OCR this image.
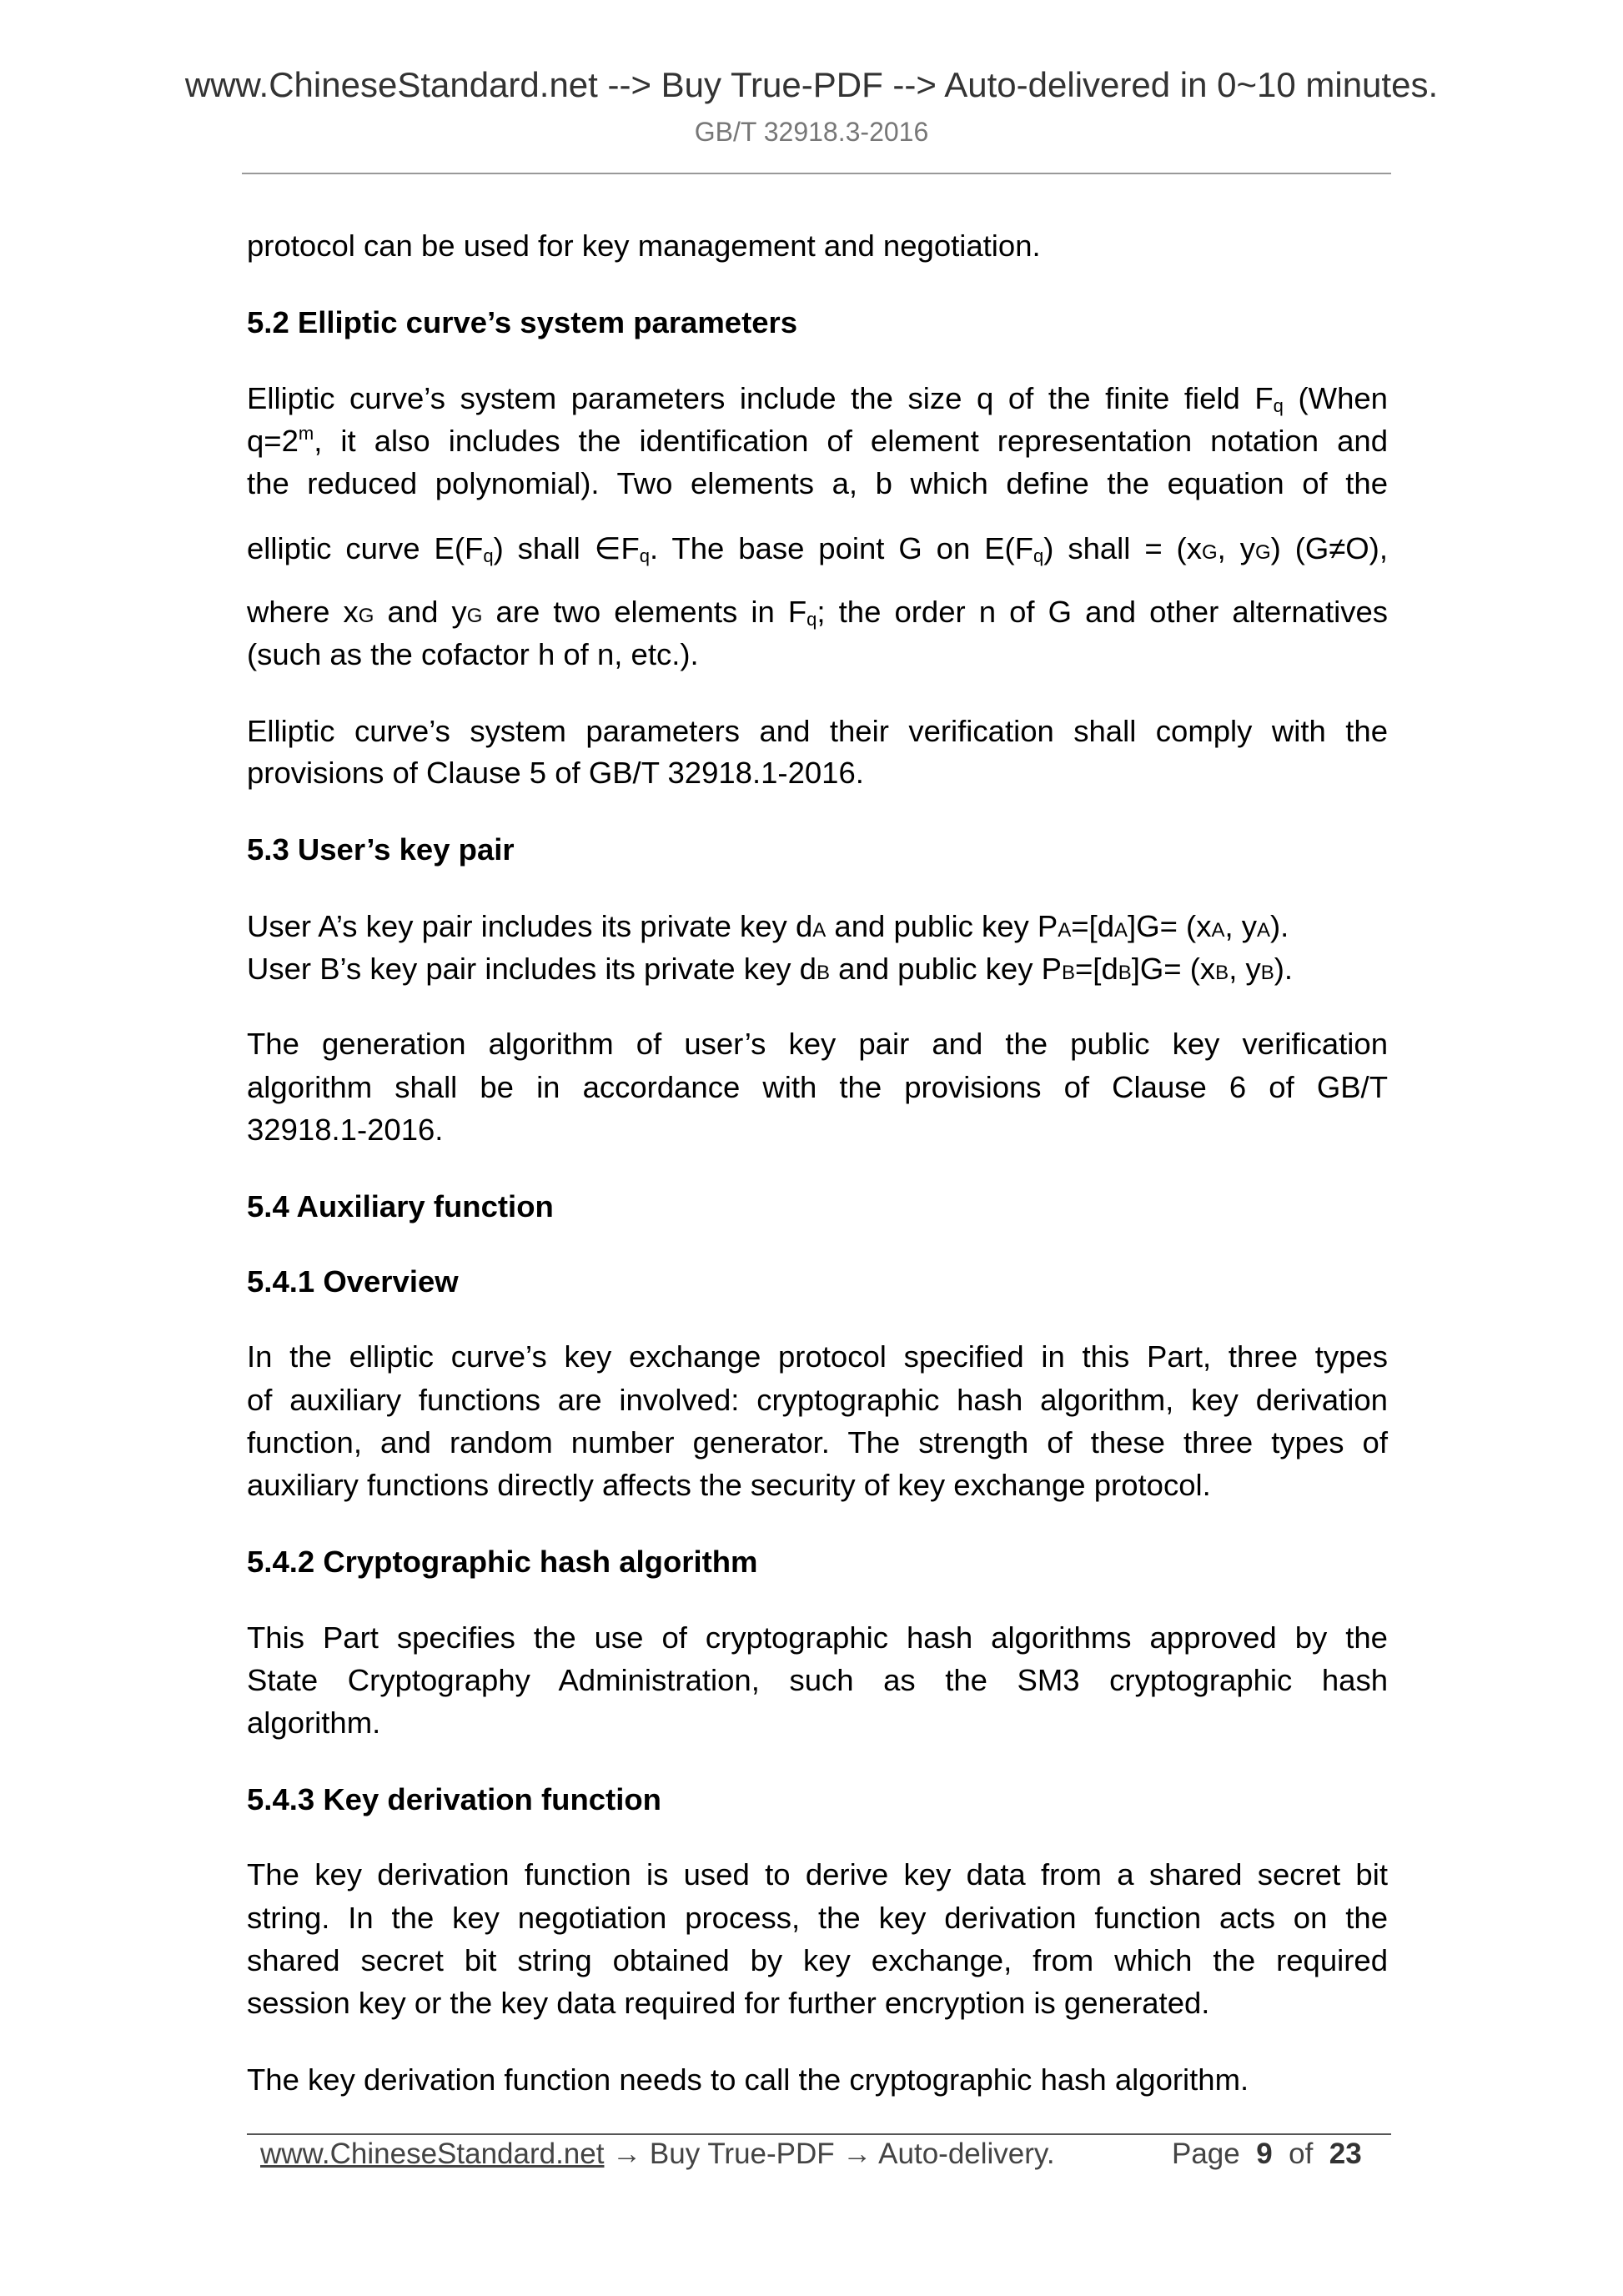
www.ChineseStandard.net --> Buy True-PDF --> Auto-delivered in 0~10 minutes.
GB/T 32918.3-2016
protocol can be used for key management and negotiation.
5.2 Elliptic curve’s system parameters
Elliptic curve’s system parameters include the size q of the finite field $F_q$ (When
$q=2^m$, it also includes the identification of element representation notation and
the reduced polynomial). Two elements a, b which define the equation of the
elliptic curve $E(F_q)$ shall $\in F_q$. The base point G on $E(F_q)$ shall = (xG, yG) (G≠O),
where xG and yG are two elements in $F_q$; the order n of G and other alternatives
(such as the cofactor h of n, etc.).
Elliptic curve’s system parameters and their verification shall comply with the
provisions of Clause 5 of GB/T 32918.1-2016.
5.3 User’s key pair
User A’s key pair includes its private key dA and public key PA=[dA]G= (xA, yA).
User B’s key pair includes its private key dB and public key PB=[dB]G= (xB, yB).
The generation algorithm of user’s key pair and the public key verification
algorithm shall be in accordance with the provisions of Clause 6 of GB/T
32918.1-2016.
5.4 Auxiliary function
5.4.1 Overview
In the elliptic curve’s key exchange protocol specified in this Part, three types
of auxiliary functions are involved: cryptographic hash algorithm, key derivation
function, and random number generator. The strength of these three types of
auxiliary functions directly affects the security of key exchange protocol.
5.4.2 Cryptographic hash algorithm
This Part specifies the use of cryptographic hash algorithms approved by the
State Cryptography Administration, such as the SM3 cryptographic hash
algorithm.
5.4.3 Key derivation function
The key derivation function is used to derive key data from a shared secret bit
string. In the key negotiation process, the key derivation function acts on the
shared secret bit string obtained by key exchange, from which the required
session key or the key data required for further encryption is generated.
The key derivation function needs to call the cryptographic hash algorithm.
www.ChineseStandard.net → Buy True-PDF → Auto-delivery.	Page 9 of 23
